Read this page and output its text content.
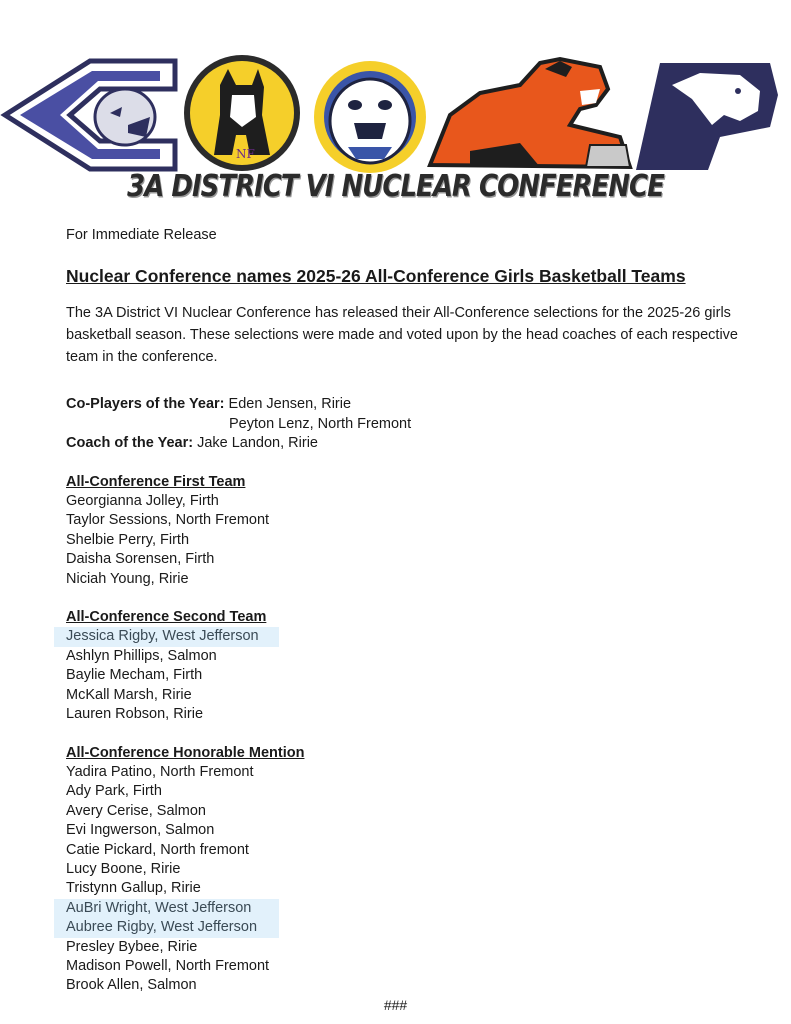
NF
3A DISTRICT VI NUCLEAR CONFERENCE

For Immediate Release

Nuclear Conference names 2025-26 All-Conference Girls Basketball Teams

The 3A District VI Nuclear Conference has released their All-Conference selections for the 2025-26 girls basketball season. These selections were made and voted upon by the head coaches of each respective team in the conference.

Co-Players of the Year:
Eden Jensen, Ririe
Peyton Lenz, North Fremont
Coach of the Year:
Jake Landon, Ririe
All-Conference First Team
Georgianna Jolley, Firth
Taylor Sessions, North Fremont
Shelbie Perry, Firth
Daisha Sorensen, Firth
Niciah Young, Ririe
All-Conference Second Team
Jessica Rigby, West Jefferson
Ashlyn Phillips, Salmon
Baylie Mecham, Firth
McKall Marsh, Ririe
Lauren Robson, Ririe
All-Conference Honorable Mention
Yadira Patino, North Fremont
Ady Park, Firth
Avery Cerise, Salmon
Evi Ingwerson, Salmon
Catie Pickard, North fremont
Lucy Boone, Ririe
Tristynn Gallup, Ririe
AuBri Wright, West Jefferson
Aubree Rigby, West Jefferson
Presley Bybee, Ririe
Madison Powell, North Fremont
Brook Allen, Salmon
###
